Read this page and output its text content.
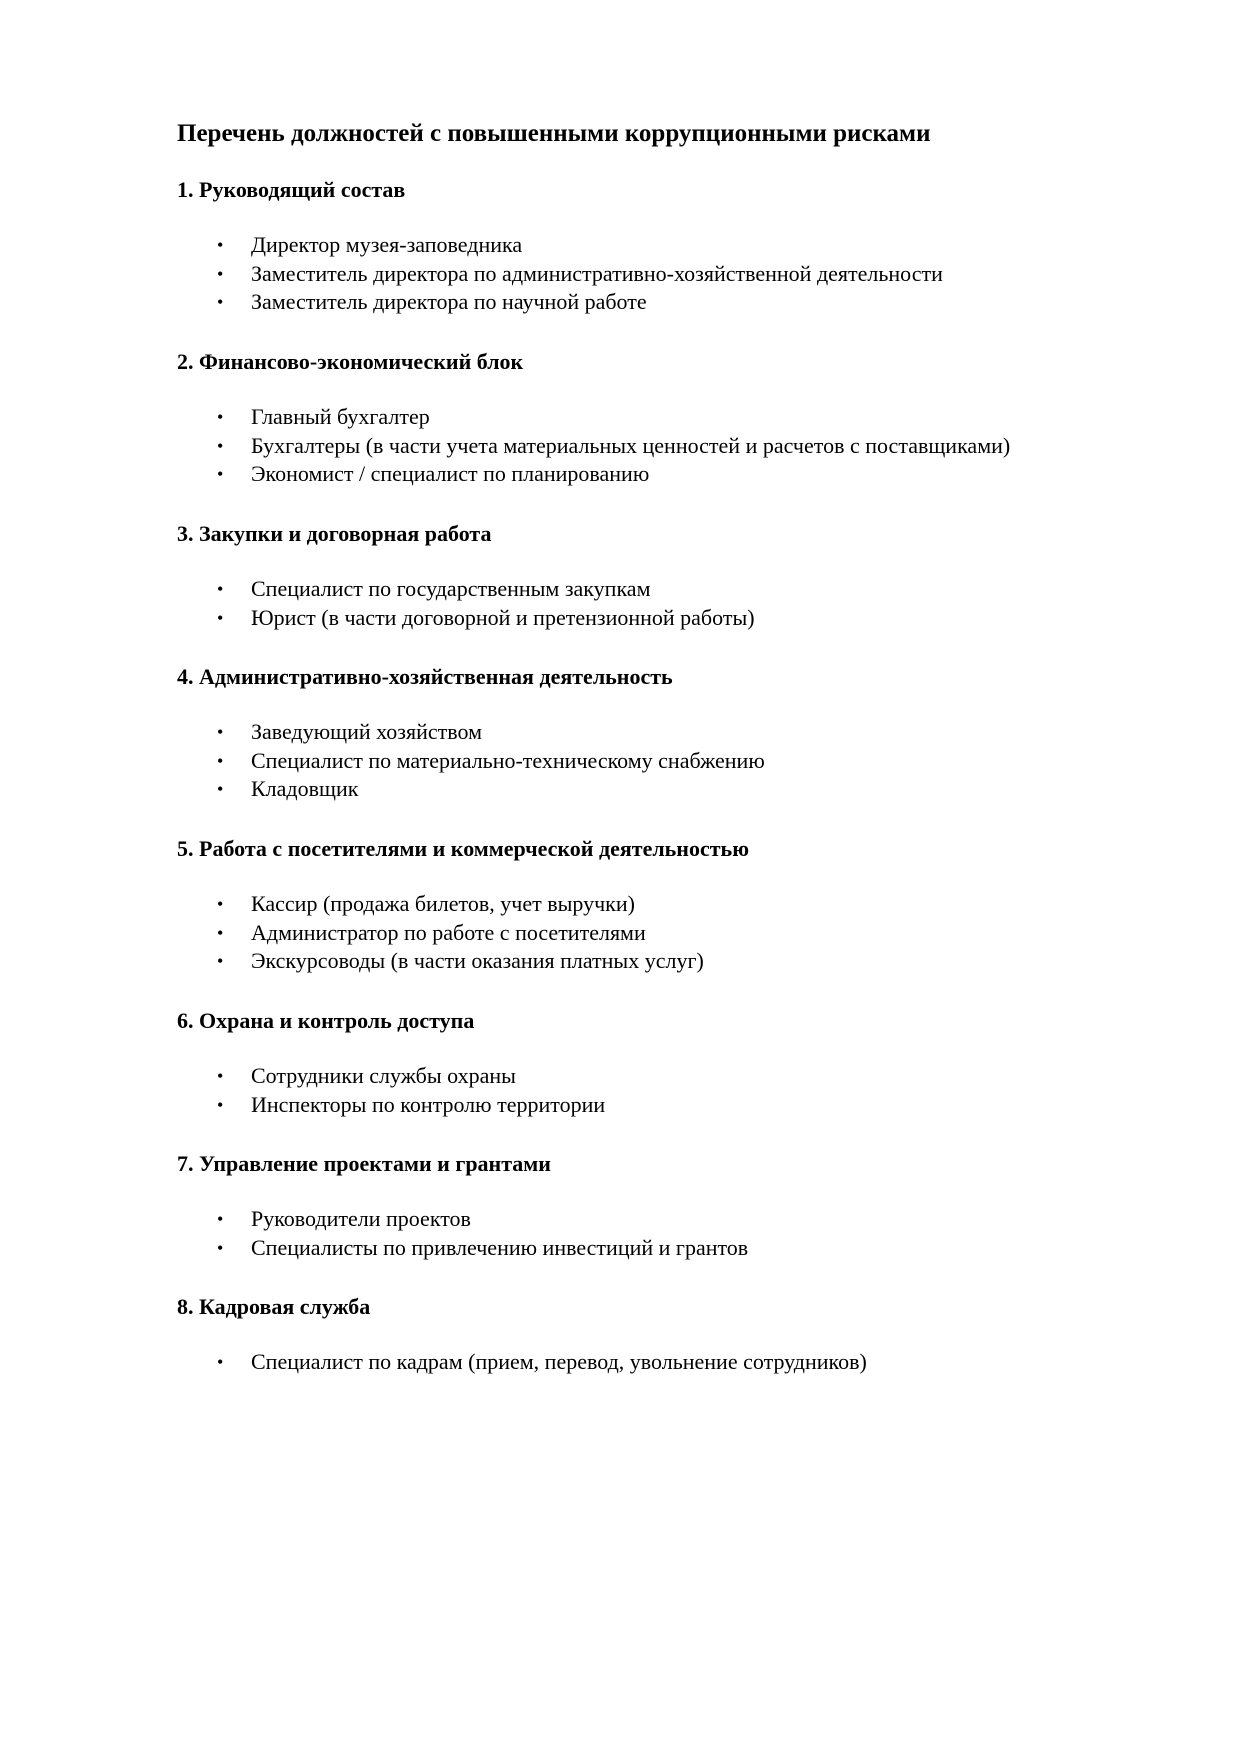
Перечень должностей с повышенными коррупционными рисками
1. Руководящий состав
• Директор музея-заповедника
• Заместитель директора по административно-хозяйственной деятельности
• Заместитель директора по научной работе
2. Финансово-экономический блок
• Главный бухгалтер
• Бухгалтеры (в части учета материальных ценностей и расчетов с поставщиками)
• Экономист / специалист по планированию
3. Закупки и договорная работа
• Специалист по государственным закупкам
• Юрист (в части договорной и претензионной работы)
4. Административно-хозяйственная деятельность
• Заведующий хозяйством
• Специалист по материально-техническому снабжению
• Кладовщик
5. Работа с посетителями и коммерческой деятельностью
• Кассир (продажа билетов, учет выручки)
• Администратор по работе с посетителями
• Экскурсоводы (в части оказания платных услуг)
6. Охрана и контроль доступа
• Сотрудники службы охраны
• Инспекторы по контролю территории
7. Управление проектами и грантами
• Руководители проектов
• Специалисты по привлечению инвестиций и грантов
8. Кадровая служба
• Специалист по кадрам (прием, перевод, увольнение сотрудников)
